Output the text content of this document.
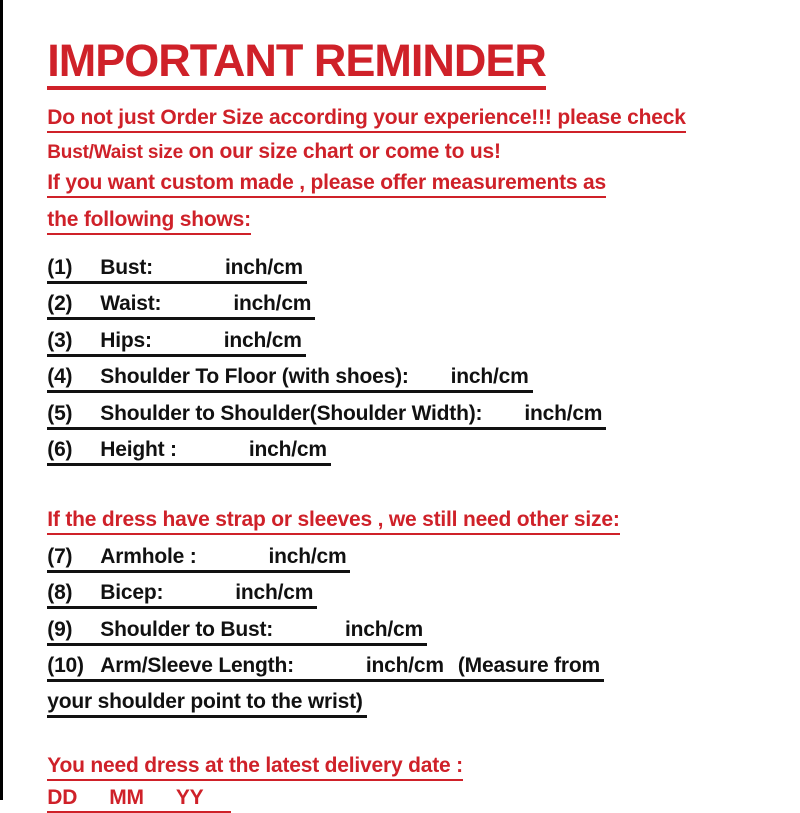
IMPORTANT REMINDER

Do not just Order Size according your experience!!! please check

Bust/Waist size on our size chart or come to us!

If you want custom made , please offer measurements as

the following shows:

(1) Bust:	inch/cm

(2) Waist:	inch/cm

(3) Hips:	inch/cm

(4) Shoulder To Floor (with shoes): inch/cm

(5) Shoulder to Shoulder(Shoulder Width): inch/cm

(6) Height :	inch/cm

If the dress have strap or sleeves , we still need other size:

(7) Armhole :	inch/cm

(8) Bicep:	inch/cm

(9) Shoulder to Bust:	inch/cm

(10) Arm/Sleeve Length:	inch/cm (Measure from

your shoulder point to the wrist)

You need dress at the latest delivery date :

DD MM YY
